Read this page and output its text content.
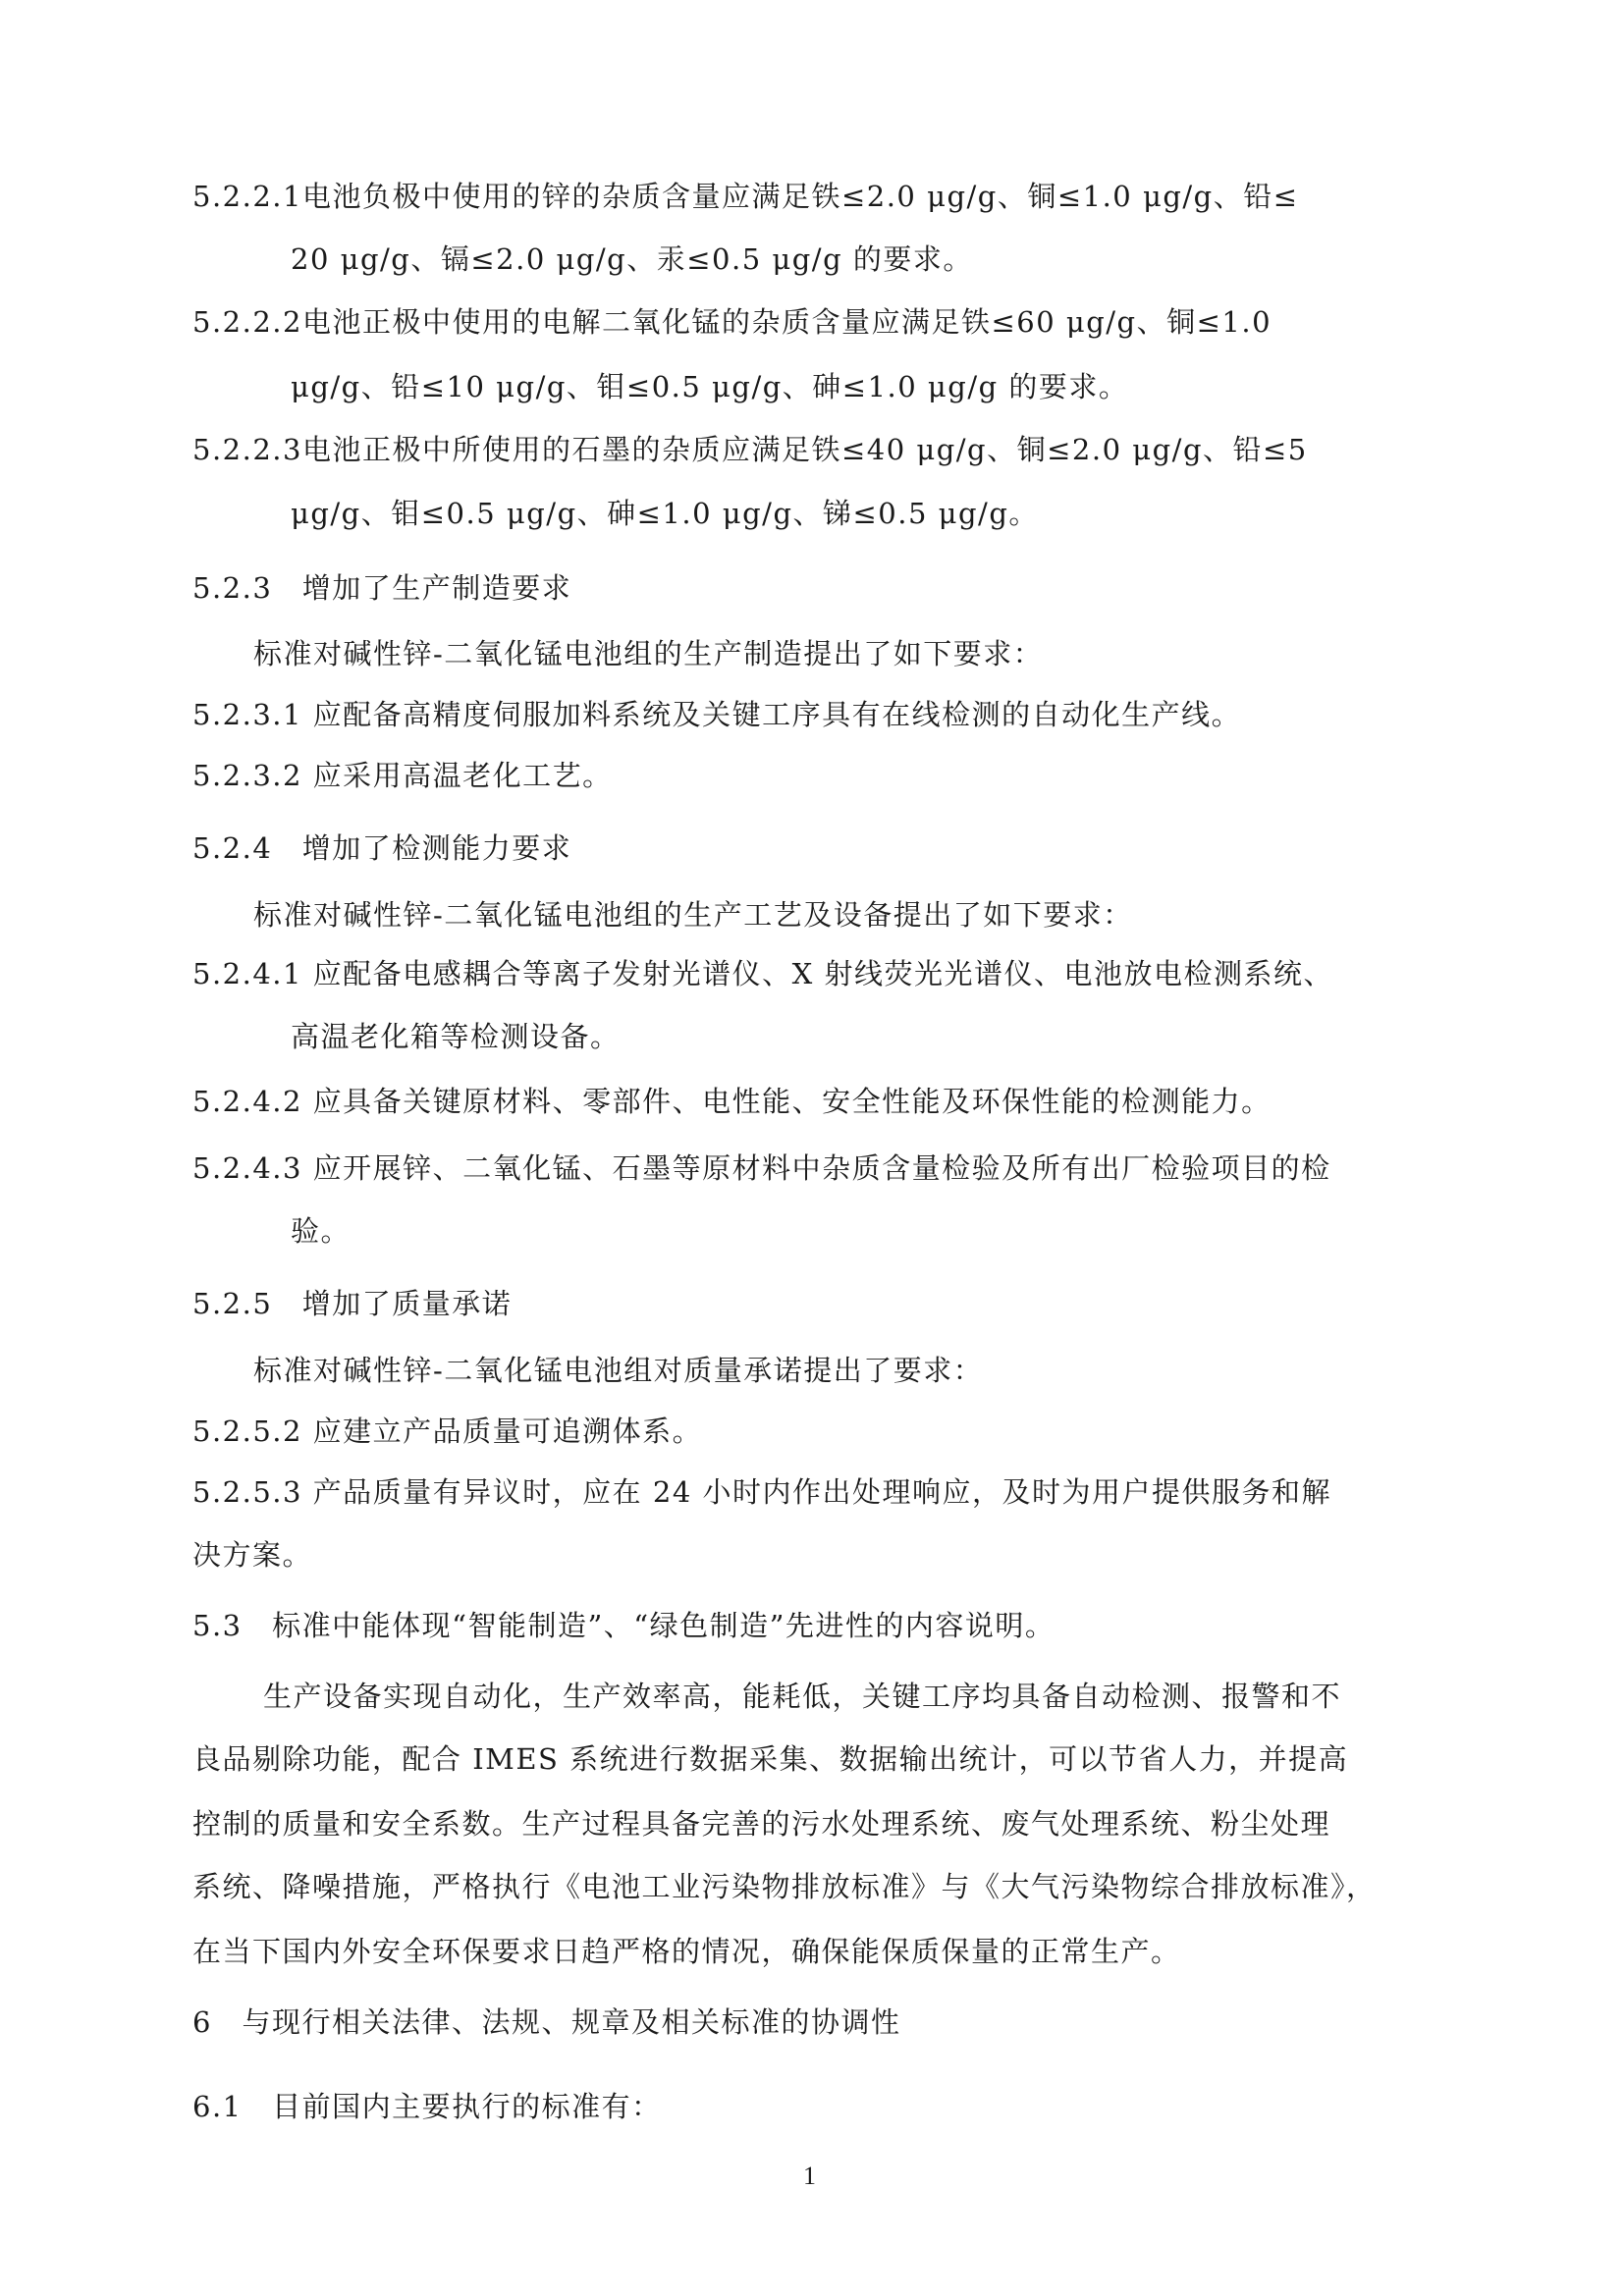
5.2.2.1电池负极中使用的锌的杂质含量应满足铁≤2.0 μg/g、铜≤1.0 μg/g、铅≤
20 μg/g、镉≤2.0 μg/g、汞≤0.5 μg/g 的要求。
5.2.2.2电池正极中使用的电解二氧化锰的杂质含量应满足铁≤60 μg/g、铜≤1.0
μg/g、铅≤10 μg/g、钼≤0.5 μg/g、砷≤1.0 μg/g 的要求。
5.2.2.3电池正极中所使用的石墨的杂质应满足铁≤40 μg/g、铜≤2.0 μg/g、铅≤5
μg/g、钼≤0.5 μg/g、砷≤1.0 μg/g、锑≤0.5 μg/g。
5.2.3　增加了生产制造要求
标准对碱性锌-二氧化锰电池组的生产制造提出了如下要求：
5.2.3.1 应配备高精度伺服加料系统及关键工序具有在线检测的自动化生产线。
5.2.3.2 应采用高温老化工艺。
5.2.4　增加了检测能力要求
标准对碱性锌-二氧化锰电池组的生产工艺及设备提出了如下要求：
5.2.4.1 应配备电感耦合等离子发射光谱仪、X 射线荧光光谱仪、电池放电检测系统、
高温老化箱等检测设备。
5.2.4.2 应具备关键原材料、零部件、电性能、安全性能及环保性能的检测能力。
5.2.4.3 应开展锌、二氧化锰、石墨等原材料中杂质含量检验及所有出厂检验项目的检
验。
5.2.5　增加了质量承诺
标准对碱性锌-二氧化锰电池组对质量承诺提出了要求：
5.2.5.2 应建立产品质量可追溯体系。
5.2.5.3 产品质量有异议时，应在 24 小时内作出处理响应，及时为用户提供服务和解
决方案。
5.3　标准中能体现“智能制造”、“绿色制造”先进性的内容说明。
生产设备实现自动化，生产效率高，能耗低，关键工序均具备自动检测、报警和不
良品剔除功能，配合 IMES 系统进行数据采集、数据输出统计，可以节省人力，并提高
控制的质量和安全系数。生产过程具备完善的污水处理系统、废气处理系统、粉尘处理
系统、降噪措施，严格执行《电池工业污染物排放标准》与《大气污染物综合排放标准》，
在当下国内外安全环保要求日趋严格的情况，确保能保质保量的正常生产。
6　与现行相关法律、法规、规章及相关标准的协调性
6.1　目前国内主要执行的标准有：
1
